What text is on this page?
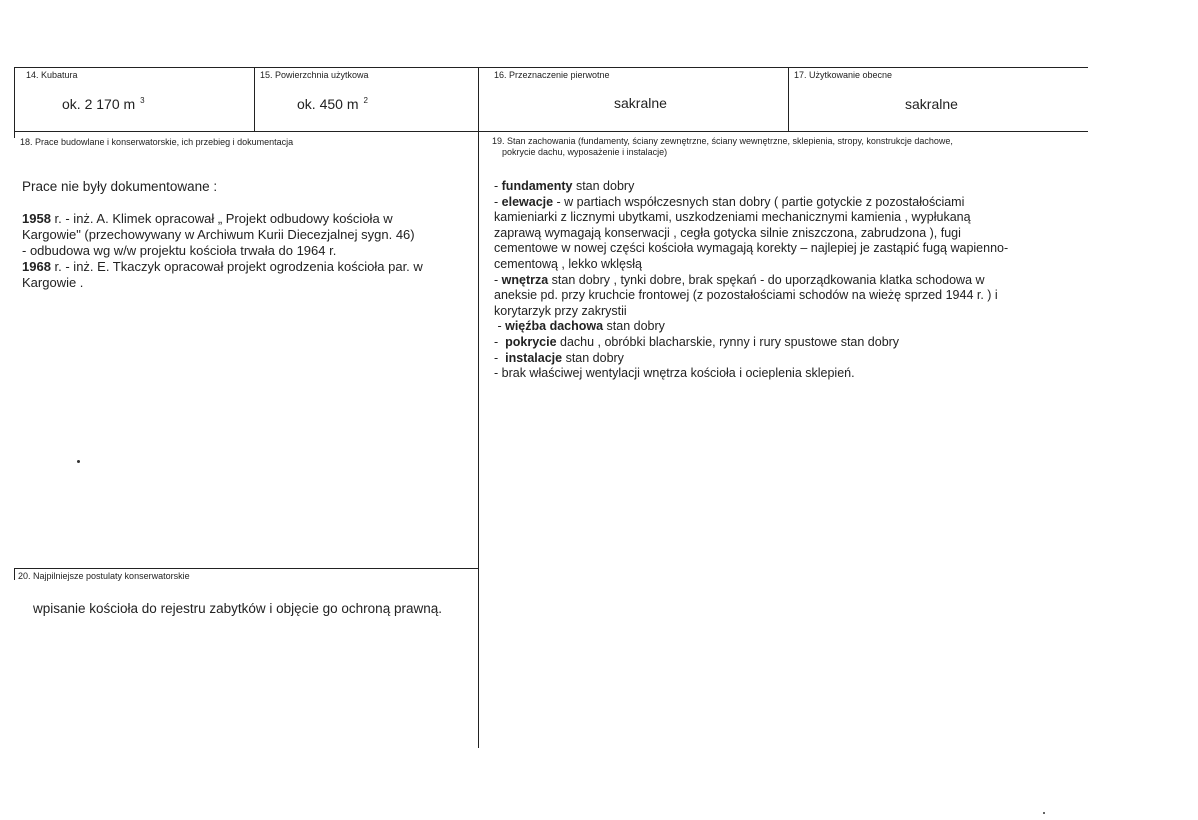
14. Kubatura
ok. 2 170 m $^3$
15. Powierzchnia użytkowa
ok. 450 m $^2$
16. Przeznaczenie pierwotne
sakralne
17. Użytkowanie obecne
sakralne
18. Prace budowlane i konserwatorskie, ich przebieg i dokumentacja
Prace nie były dokumentowane :
1958 r. - inż. A. Klimek opracował „ Projekt odbudowy kościoła w
Kargowie" (przechowywany w Archiwum Kurii Diecezjalnej sygn. 46)
- odbudowa wg w/w projektu kościoła trwała do 1964 r.
1968 r. - inż. E. Tkaczyk opracował projekt ogrodzenia kościoła par. w
Kargowie .
19. Stan zachowania (fundamenty, ściany zewnętrzne, ściany wewnętrzne, sklepienia, stropy, konstrukcje dachowe,
pokrycie dachu, wyposażenie i instalacje)
- fundamenty stan dobry
- elewacje - w partiach współczesnych stan dobry ( partie gotyckie z pozostałościami
kamieniarki z licznymi ubytkami, uszkodzeniami mechanicznymi kamienia , wypłukaną
zaprawą wymagają konserwacji , cegła gotycka silnie zniszczona, zabrudzona ), fugi
cementowe w nowej części kościoła wymagają korekty – najlepiej je zastąpić fugą wapienno-
cementową , lekko wklęsłą
- wnętrza stan dobry , tynki dobre, brak spękań - do uporządkowania klatka schodowa w
aneksie pd. przy kruchcie frontowej (z pozostałościami schodów na wieżę sprzed 1944 r. ) i
korytarzyk przy zakrystii
- więźba dachowa stan dobry
-  pokrycie dachu , obróbki blacharskie, rynny i rury spustowe stan dobry
-  instalacje stan dobry
- brak właściwej wentylacji wnętrza kościoła i ocieplenia sklepień.
20. Najpilniejsze postulaty konserwatorskie
wpisanie kościoła do rejestru zabytków i objęcie go ochroną prawną.
